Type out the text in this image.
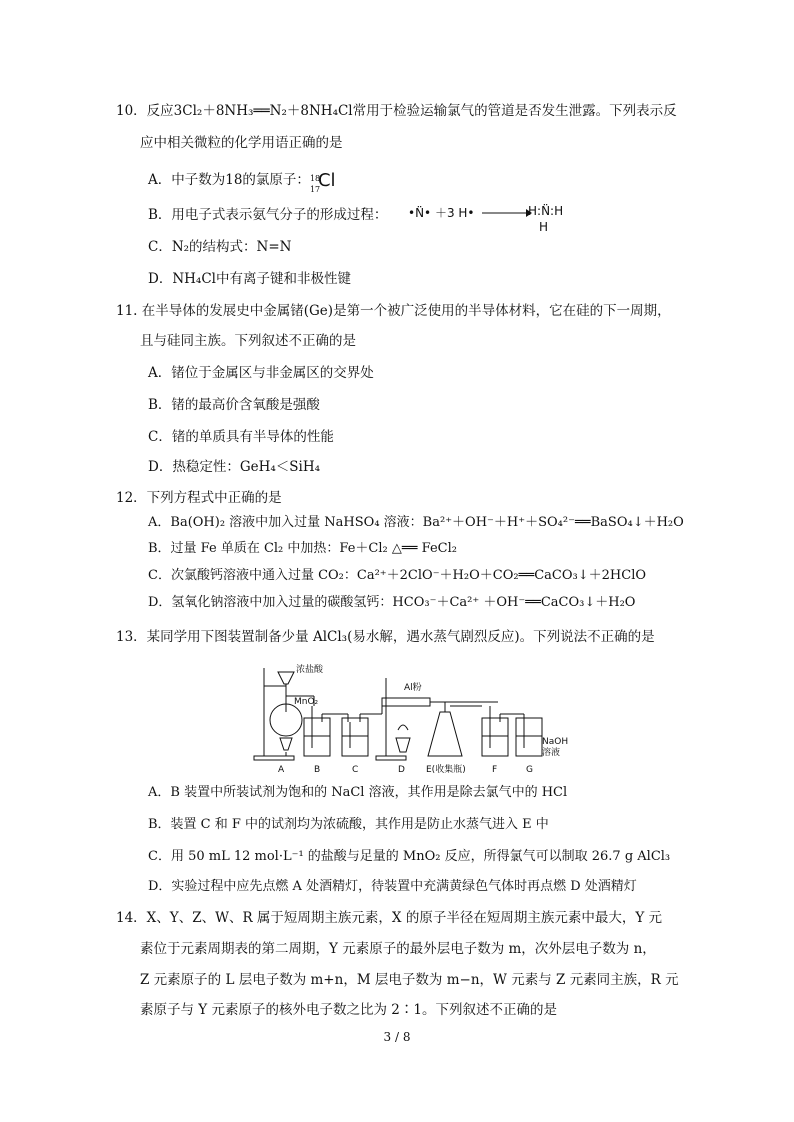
10．反应3Cl₂＋8NH₃══N₂＋8NH₄Cl常用于检验运输氯气的管道是否发生泄露。下列表示反
应中相关微粒的化学用语正确的是
A．中子数为18的氯原子： 18
17
Cl
B．用电子式表示氨气分子的形成过程： •N̈• ＋3 H•	H:N̈:H
H
C．N₂的结构式：N=N
D．NH₄Cl中有离子键和非极性键
11. 在半导体的发展史中金属锗(Ge)是第一个被广泛使用的半导体材料，它在硅的下一周期，
且与硅同主族。下列叙述不正确的是
A．锗位于金属区与非金属区的交界处
B．锗的最高价含氧酸是强酸
C．锗的单质具有半导体的性能
D．热稳定性：GeH₄＜SiH₄
12．下列方程式中正确的是
A．Ba(OH)₂ 溶液中加入过量 NaHSO₄ 溶液：Ba²⁺＋OH⁻＋H⁺＋SO₄²⁻══BaSO₄↓＋H₂O
B．过量 Fe 单质在 Cl₂ 中加热：Fe＋Cl₂ △══ FeCl₂
C．次氯酸钙溶液中通入过量 CO₂：Ca²⁺＋2ClO⁻＋H₂O＋CO₂══CaCO₃↓＋2HClO
D．氢氧化钠溶液中加入过量的碳酸氢钙：HCO₃⁻＋Ca²⁺ ＋OH⁻══CaCO₃↓＋H₂O
13．某同学用下图装置制备少量 AlCl₃(易水解，遇水蒸气剧烈反应)。下列说法不正确的是
浓盐酸
MnO₂
Al粉
NaOH
溶液
A	B	C	D E(收集瓶)	F	G
A．B 装置中所装试剂为饱和的 NaCl 溶液，其作用是除去氯气中的 HCl
B．装置 C 和 F 中的试剂均为浓硫酸，其作用是防止水蒸气进入 E 中
C．用 50 mL 12 mol·L⁻¹ 的盐酸与足量的 MnO₂ 反应，所得氯气可以制取 26.7 g AlCl₃
D．实验过程中应先点燃 A 处酒精灯，待装置中充满黄绿色气体时再点燃 D 处酒精灯
14．X、Y、Z、W、R 属于短周期主族元素，X 的原子半径在短周期主族元素中最大，Y 元
素位于元素周期表的第二周期，Y 元素原子的最外层电子数为 m，次外层电子数为 n，
Z 元素原子的 L 层电子数为 m+n，M 层电子数为 m−n，W 元素与 Z 元素同主族，R 元
素原子与 Y 元素原子的核外电子数之比为 2∶1。下列叙述不正确的是
3 / 8
